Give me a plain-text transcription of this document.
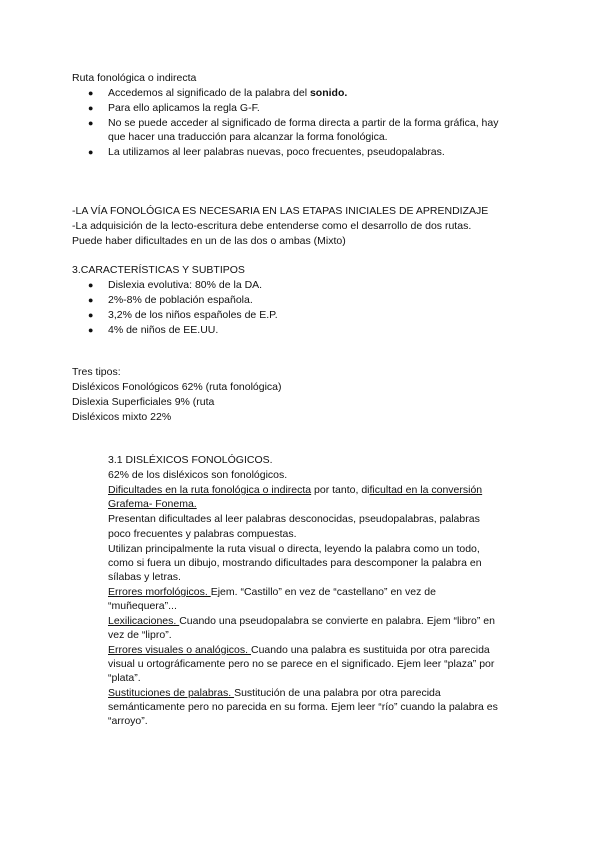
Ruta fonológica o indirecta
● Accedemos al significado de la palabra del sonido.
● Para ello aplicamos la regla G-F.
● No se puede acceder al significado de forma directa a partir de la forma gráfica, hay
que hacer una traducción para alcanzar la forma fonológica.
● La utilizamos al leer palabras nuevas, poco frecuentes, pseudopalabras.
-LA VÍA FONOLÓGICA ES NECESARIA EN LAS ETAPAS INICIALES DE APRENDIZAJE
-La adquisición de la lecto-escritura debe entenderse como el desarrollo de dos rutas.
Puede haber dificultades en un de las dos o ambas (Mixto)
3.CARACTERÍSTICAS Y SUBTIPOS
● Dislexia evolutiva: 80% de la DA.
● 2%-8% de población española.
● 3,2% de los niños españoles de E.P.
● 4% de niños de EE.UU.
Tres tipos:
Disléxicos Fonológicos 62% (ruta fonológica)
Dislexia Superficiales 9% (ruta
Disléxicos mixto 22%
3.1 DISLÉXICOS FONOLÓGICOS.
62% de los disléxicos son fonológicos.
Dificultades en la ruta fonológica o indirecta por tanto, dificultad en la conversión
Grafema- Fonema.
Presentan dificultades al leer palabras desconocidas, pseudopalabras, palabras
poco frecuentes y palabras compuestas.
Utilizan principalmente la ruta visual o directa, leyendo la palabra como un todo,
como si fuera un dibujo, mostrando dificultades para descomponer la palabra en
sílabas y letras.
Errores morfológicos. Ejem. “Castillo” en vez de “castellano” en vez de
“muñequera”...
Lexilicaciones. Cuando una pseudopalabra se convierte en palabra. Ejem “libro” en
vez de “lipro”.
Errores visuales o analógicos. Cuando una palabra es sustituida por otra parecida
visual u ortográficamente pero no se parece en el significado. Ejem leer “plaza” por
“plata”.
Sustituciones de palabras. Sustitución de una palabra por otra parecida
semánticamente pero no parecida en su forma. Ejem leer “río” cuando la palabra es
“arroyo”.
